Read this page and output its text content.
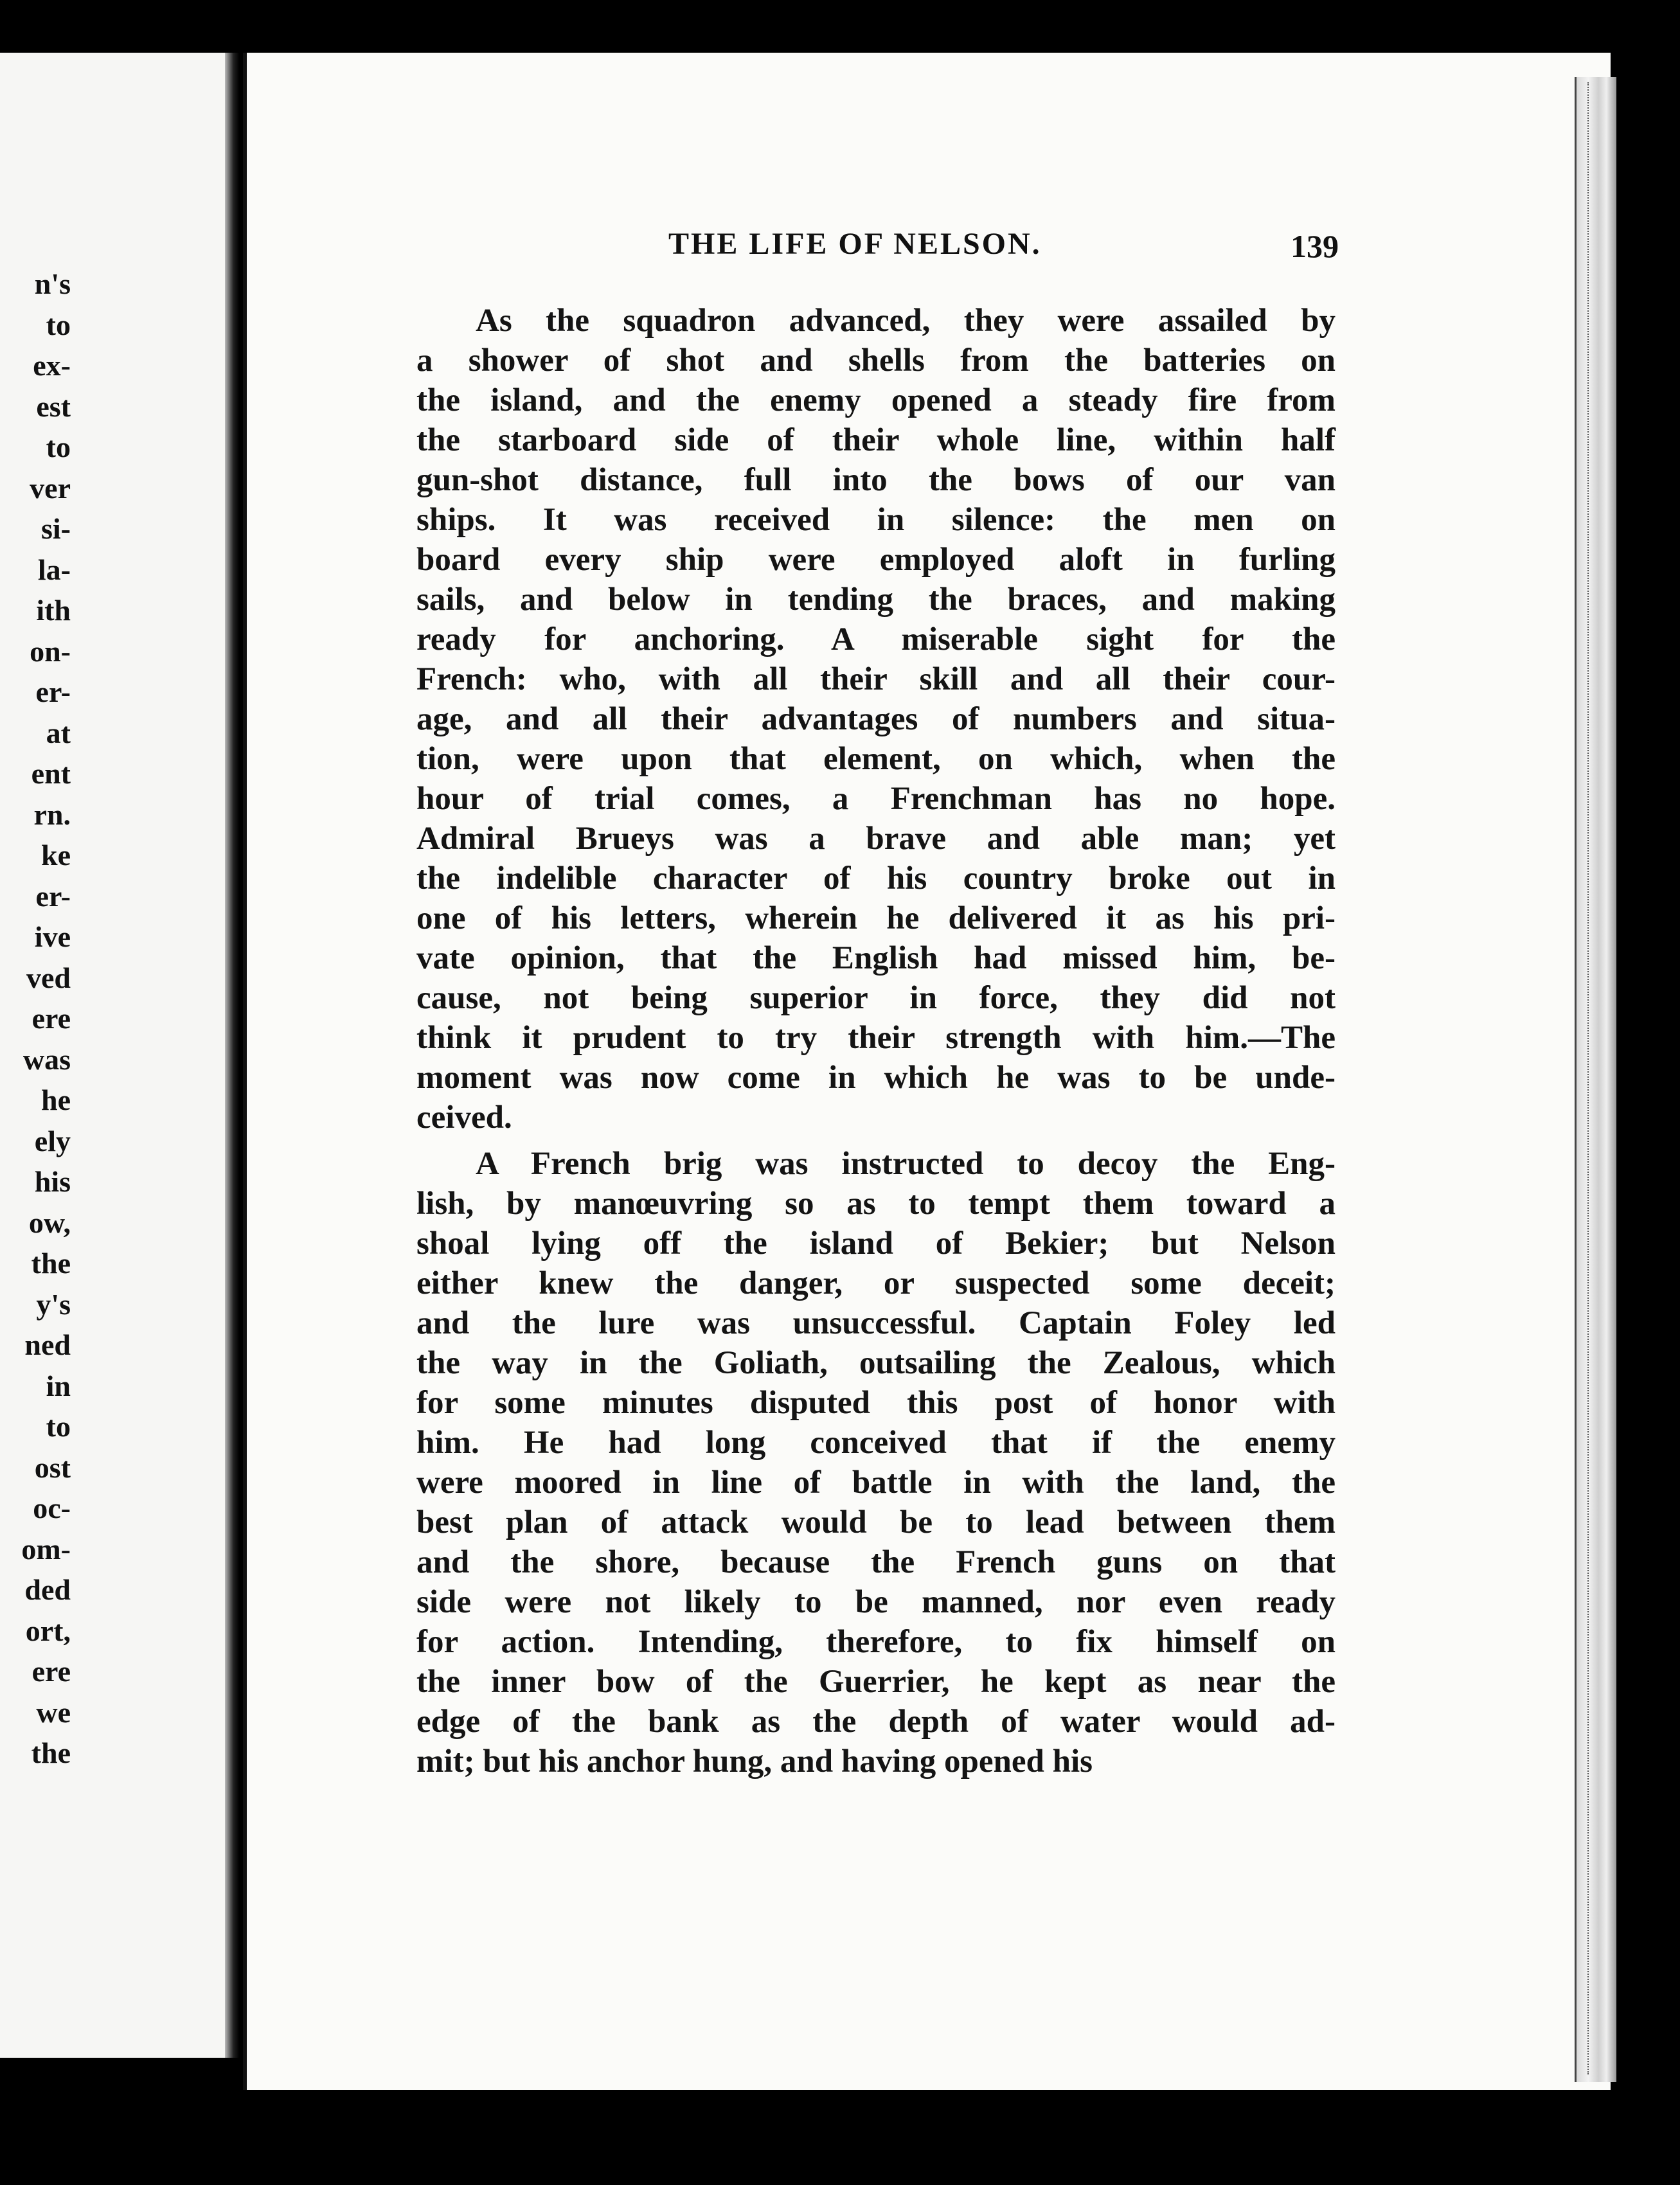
n's
to
ex-
est
to
ver
si-
la-
ith
on-
er-
at
ent
rn.
ke
er-
ive
ved
ere
was
he
ely
his
ow,
the
y's
ned
in
to
ost
oc-
om-
ded
ort,
ere
we
the
THE LIFE OF NELSON.	139
As the squadron advanced, they were assailed by
a shower of shot and shells from the batteries on
the island, and the enemy opened a steady fire from
the starboard side of their whole line, within half
gun-shot distance, full into the bows of our van
ships. It was received in silence: the men on
board every ship were employed aloft in furling
sails, and below in tending the braces, and making
ready for anchoring. A miserable sight for the
French: who, with all their skill and all their cour-
age, and all their advantages of numbers and situa-
tion, were upon that element, on which, when the
hour of trial comes, a Frenchman has no hope.
Admiral Brueys was a brave and able man; yet
the indelible character of his country broke out in
one of his letters, wherein he delivered it as his pri-
vate opinion, that the English had missed him, be-
cause, not being superior in force, they did not
think it prudent to try their strength with him.—The
moment was now come in which he was to be unde-
ceived.
A French brig was instructed to decoy the Eng-
lish, by manœuvring so as to tempt them toward a
shoal lying off the island of Bekier; but Nelson
either knew the danger, or suspected some deceit;
and the lure was unsuccessful. Captain Foley led
the way in the Goliath, outsailing the Zealous, which
for some minutes disputed this post of honor with
him. He had long conceived that if the enemy
were moored in line of battle in with the land, the
best plan of attack would be to lead between them
and the shore, because the French guns on that
side were not likely to be manned, nor even ready
for action. Intending, therefore, to fix himself on
the inner bow of the Guerrier, he kept as near the
edge of the bank as the depth of water would ad-
mit; but his anchor hung, and having opened his
